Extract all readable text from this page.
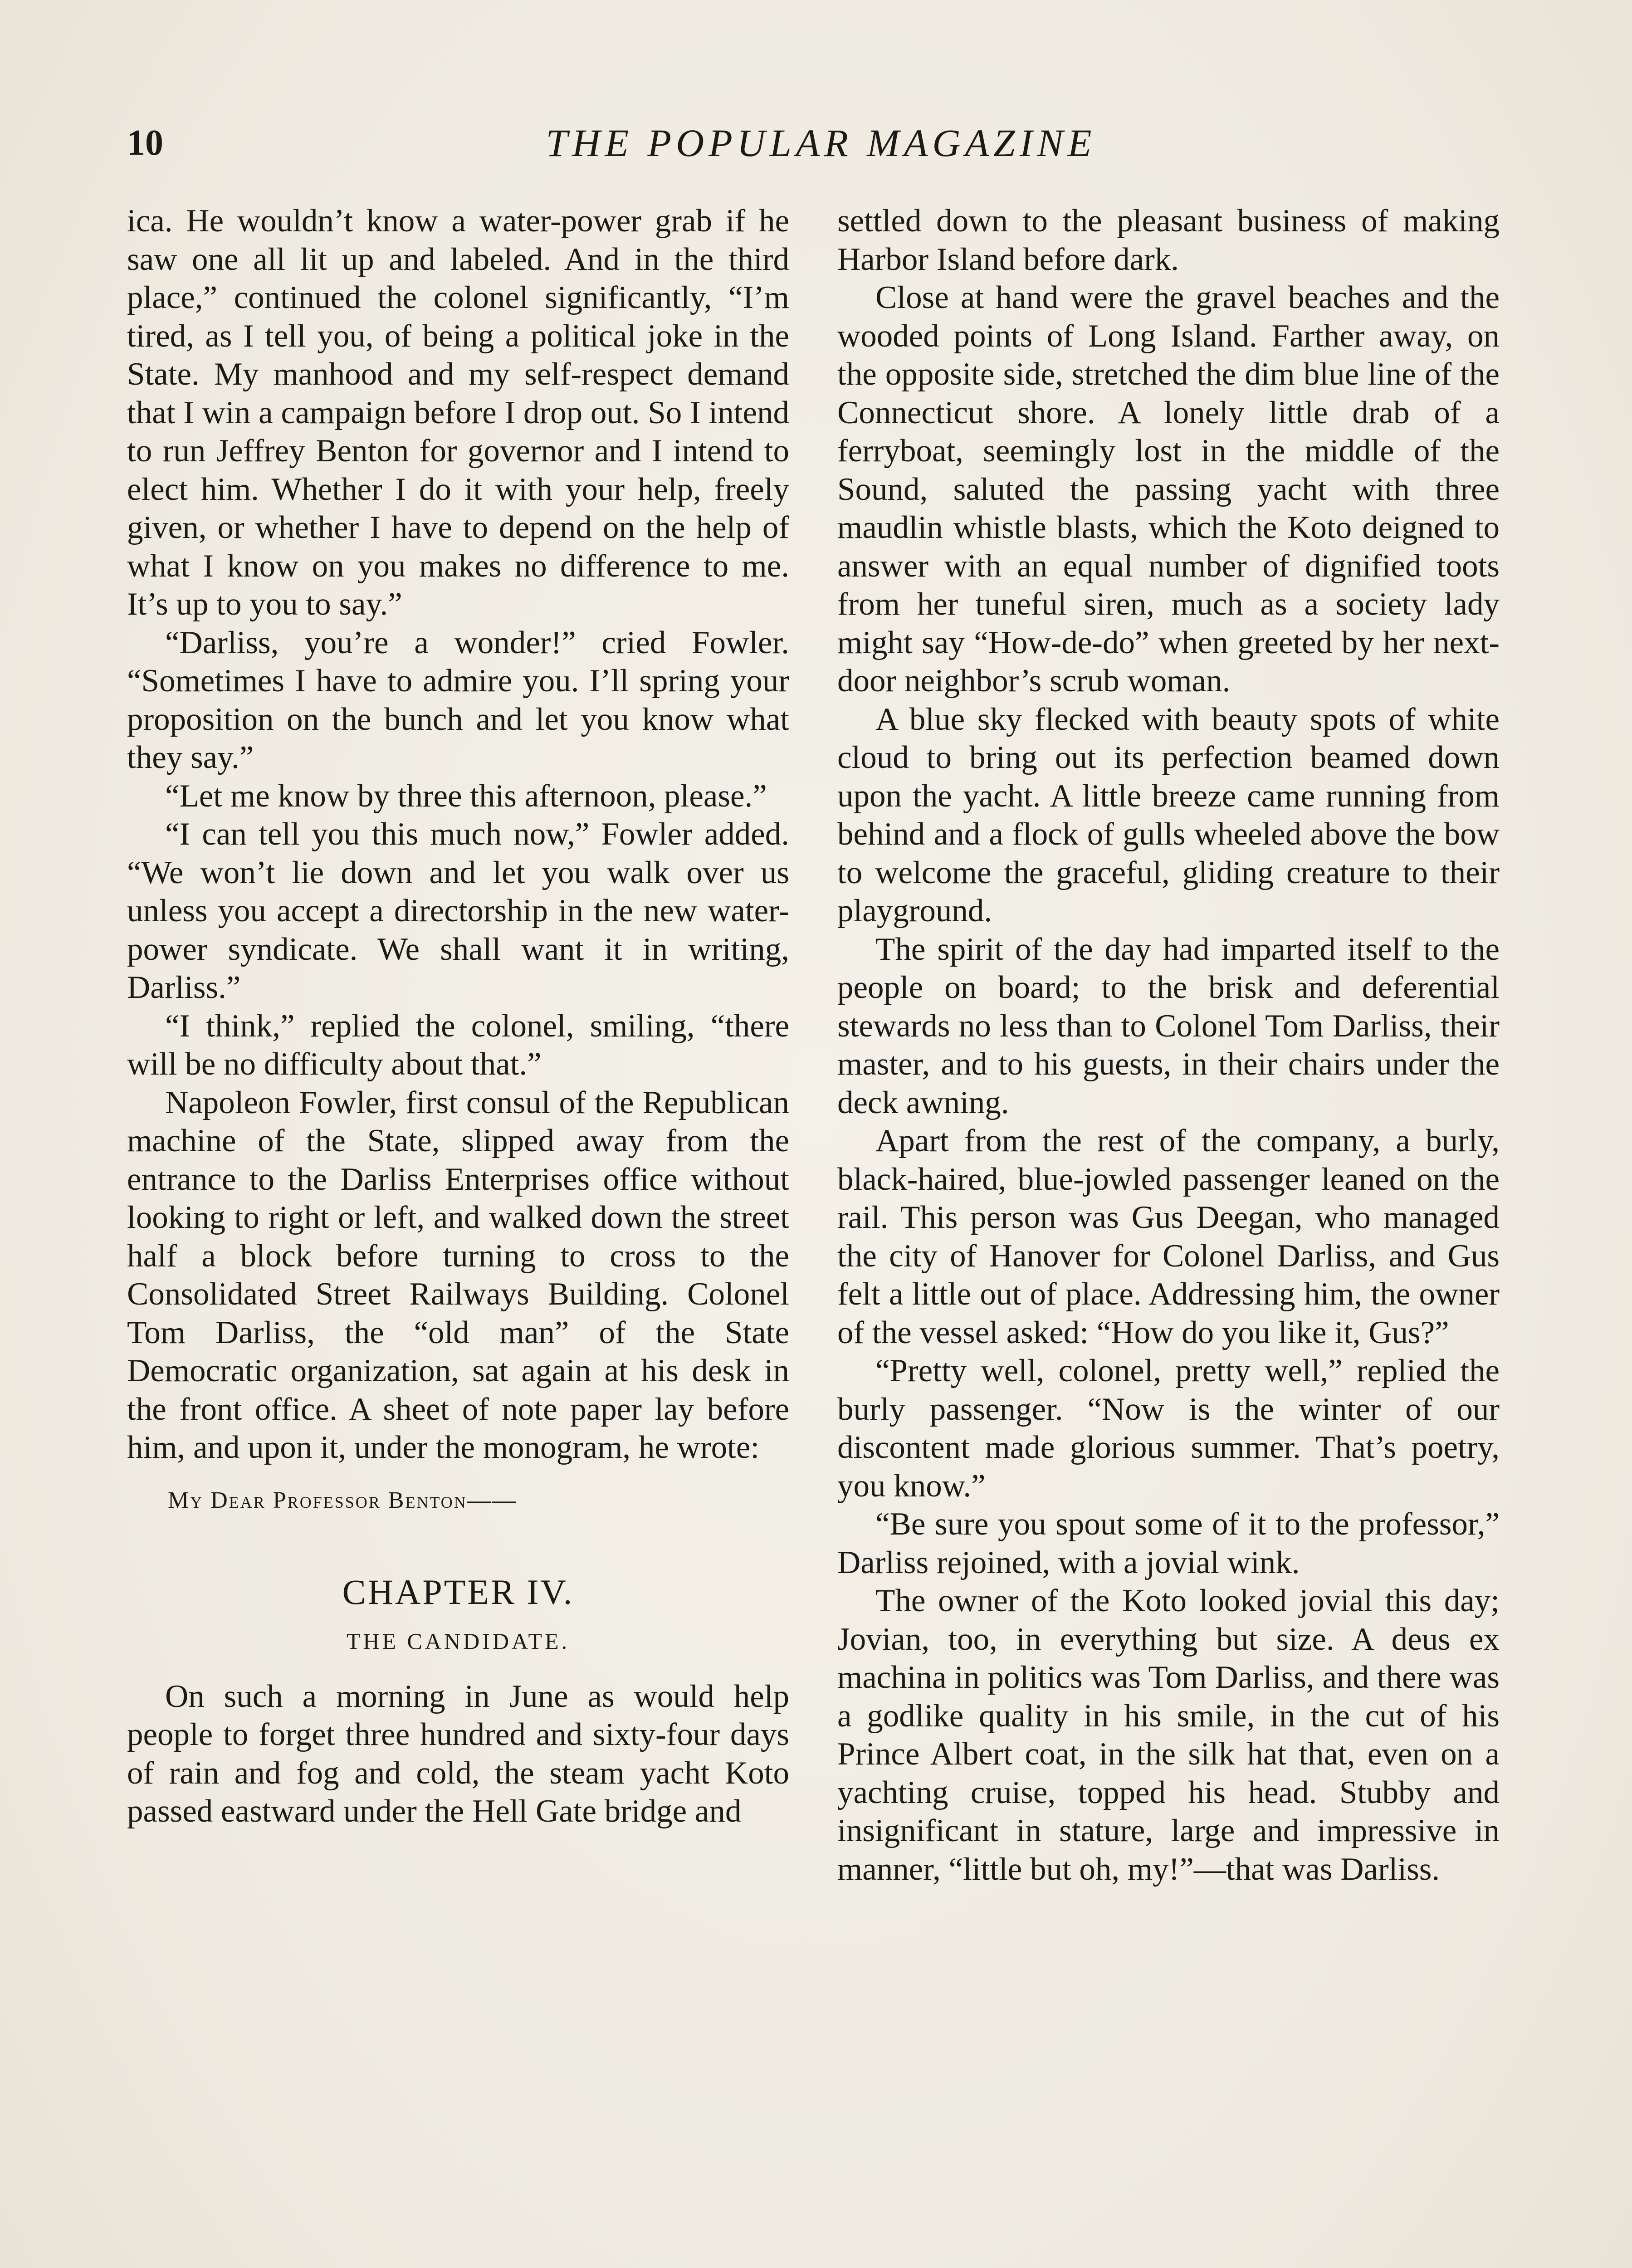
10	THE POPULAR MAGAZINE

ica. He wouldn’t know a water-power grab if he saw one all lit up and labeled. And in the third place,” continued the colonel significantly, “I’m tired, as I tell you, of being a political joke in the State. My manhood and my self-respect demand that I win a campaign before I drop out. So I intend to run Jeffrey Benton for governor and I intend to elect him. Whether I do it with your help, freely given, or whether I have to depend on the help of what I know on you makes no difference to me. It’s up to you to say.”

“Darliss, you’re a wonder!” cried Fowler. “Sometimes I have to admire you. I’ll spring your proposition on the bunch and let you know what they say.”

“Let me know by three this afternoon, please.”

“I can tell you this much now,” Fowler added. “We won’t lie down and let you walk over us unless you accept a directorship in the new water-power syndicate. We shall want it in writing, Darliss.”

“I think,” replied the colonel, smiling, “there will be no difficulty about that.”

Napoleon Fowler, first consul of the Republican machine of the State, slipped away from the entrance to the Darliss Enterprises office without looking to right or left, and walked down the street half a block before turning to cross to the Consolidated Street Railways Building. Colonel Tom Darliss, the “old man” of the State Democratic organization, sat again at his desk in the front office. A sheet of note paper lay before him, and upon it, under the monogram, he wrote:

My Dear Professor Benton——
CHAPTER IV.
THE CANDIDATE.

On such a morning in June as would help people to forget three hundred and sixty-four days of rain and fog and cold, the steam yacht Koto passed eastward under the Hell Gate bridge and

settled down to the pleasant business of making Harbor Island before dark.

Close at hand were the gravel beaches and the wooded points of Long Island. Farther away, on the opposite side, stretched the dim blue line of the Connecticut shore. A lonely little drab of a ferryboat, seemingly lost in the middle of the Sound, saluted the passing yacht with three maudlin whistle blasts, which the Koto deigned to answer with an equal number of dignified toots from her tuneful siren, much as a society lady might say “How-de-do” when greeted by her next-door neighbor’s scrub woman.

A blue sky flecked with beauty spots of white cloud to bring out its perfection beamed down upon the yacht. A little breeze came running from behind and a flock of gulls wheeled above the bow to welcome the graceful, gliding creature to their playground.

The spirit of the day had imparted itself to the people on board; to the brisk and deferential stewards no less than to Colonel Tom Darliss, their master, and to his guests, in their chairs under the deck awning.

Apart from the rest of the company, a burly, black-haired, blue-jowled passenger leaned on the rail. This person was Gus Deegan, who managed the city of Hanover for Colonel Darliss, and Gus felt a little out of place. Addressing him, the owner of the vessel asked: “How do you like it, Gus?”

“Pretty well, colonel, pretty well,” replied the burly passenger. “Now is the winter of our discontent made glorious summer. That’s poetry, you know.”

“Be sure you spout some of it to the professor,” Darliss rejoined, with a jovial wink.

The owner of the Koto looked jovial this day; Jovian, too, in everything but size. A deus ex machina in politics was Tom Darliss, and there was a godlike quality in his smile, in the cut of his Prince Albert coat, in the silk hat that, even on a yachting cruise, topped his head. Stubby and insignificant in stature, large and impressive in manner, “little but oh, my!”—that was Darliss.
